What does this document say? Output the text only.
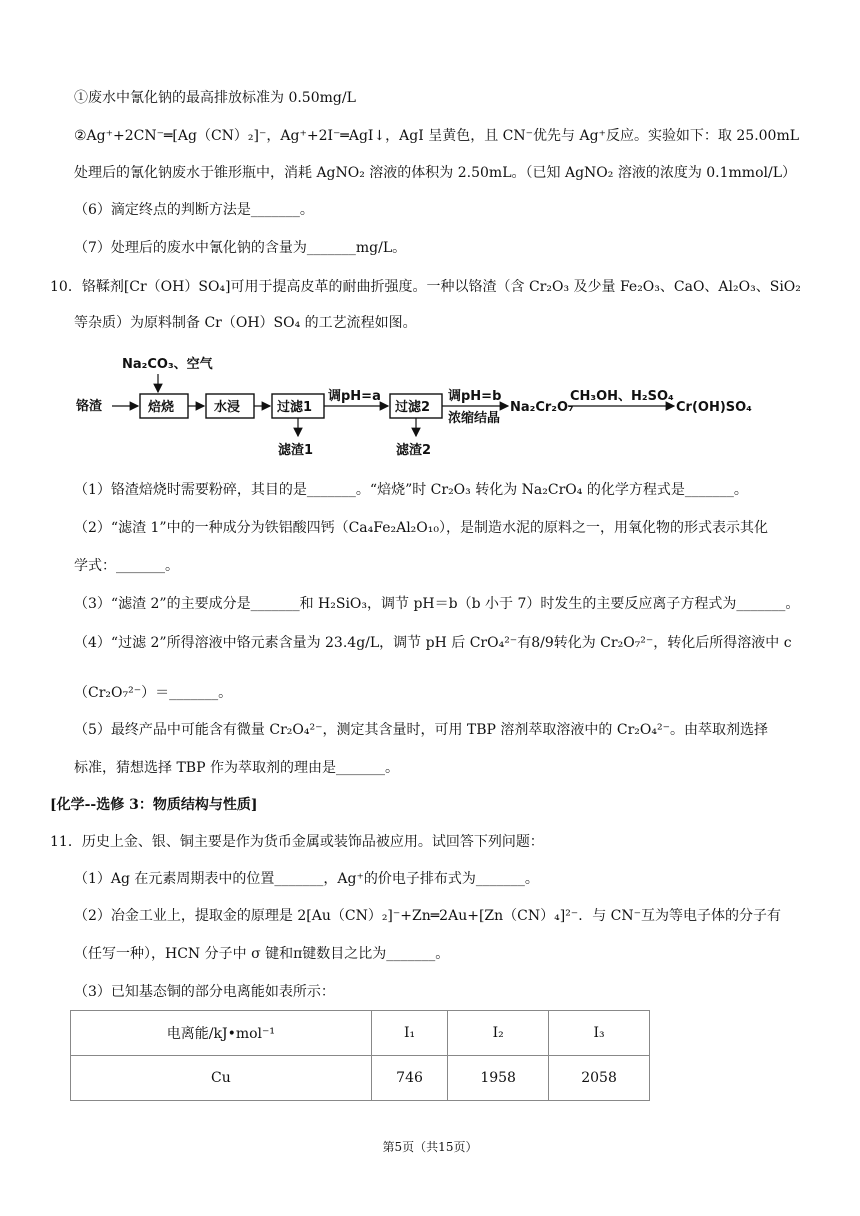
①废水中氰化钠的最高排放标准为 0.50mg/L
②Ag⁺+2CN⁻═[Ag（CN）₂]⁻，Ag⁺+2I⁻═AgI↓，AgI 呈黄色，且 CN⁻优先与 Ag⁺反应。实验如下：取 25.00mL
处理后的氰化钠废水于锥形瓶中，消耗 AgNO₂ 溶液的体积为 2.50mL。（已知 AgNO₂ 溶液的浓度为 0.1mmol/L）
（6）滴定终点的判断方法是_______。
（7）处理后的废水中氰化钠的含量为_______mg/L。
10．铬鞣剂[Cr（OH）SO₄]可用于提高皮革的耐曲折强度。一种以铬渣（含 Cr₂O₃ 及少量 Fe₂O₃、CaO、Al₂O₃、SiO₂
等杂质）为原料制备 Cr（OH）SO₄ 的工艺流程如图。
Na₂CO₃、空气
铬渣	焙烧	水浸	过滤1
滤渣1
调pH=a
过滤2
滤渣2
调pH=b
浓缩结晶
Na₂Cr₂O₇
CH₃OH、H₂SO₄
Cr(OH)SO₄
（1）铬渣焙烧时需要粉碎，其目的是_______。“焙烧”时 Cr₂O₃ 转化为 Na₂CrO₄ 的化学方程式是_______。
（2）“滤渣 1”中的一种成分为铁铝酸四钙（Ca₄Fe₂Al₂O₁₀），是制造水泥的原料之一，用氧化物的形式表示其化
学式：_______。
（3）“滤渣 2”的主要成分是_______和 H₂SiO₃，调节 pH＝b（b 小于 7）时发生的主要反应离子方程式为_______。
（4）“过滤 2”所得溶液中铬元素含量为 23.4g/L，调节 pH 后 CrO₄²⁻有8/9转化为 Cr₂O₇²⁻，转化后所得溶液中 c
（Cr₂O₇²⁻）＝_______。
（5）最终产品中可能含有微量 Cr₂O₄²⁻，测定其含量时，可用 TBP 溶剂萃取溶液中的 Cr₂O₄²⁻。由萃取剂选择
标准，猜想选择 TBP 作为萃取剂的理由是_______。
[化学--选修 3：物质结构与性质]
11．历史上金、银、铜主要是作为货币金属或装饰品被应用。试回答下列问题：
（1）Ag 在元素周期表中的位置_______，Ag⁺的价电子排布式为_______。
（2）冶金工业上，提取金的原理是 2[Au（CN）₂]⁻+Zn═2Au+[Zn（CN）₄]²⁻．与 CN⁻互为等电子体的分子有
（任写一种），HCN 分子中 σ 键和π键数目之比为_______。
（3）已知基态铜的部分电离能如表所示：
电离能/kJ•mol⁻¹	I₁	I₂	I₃
Cu	746	1958	2058
第5页（共15页）
